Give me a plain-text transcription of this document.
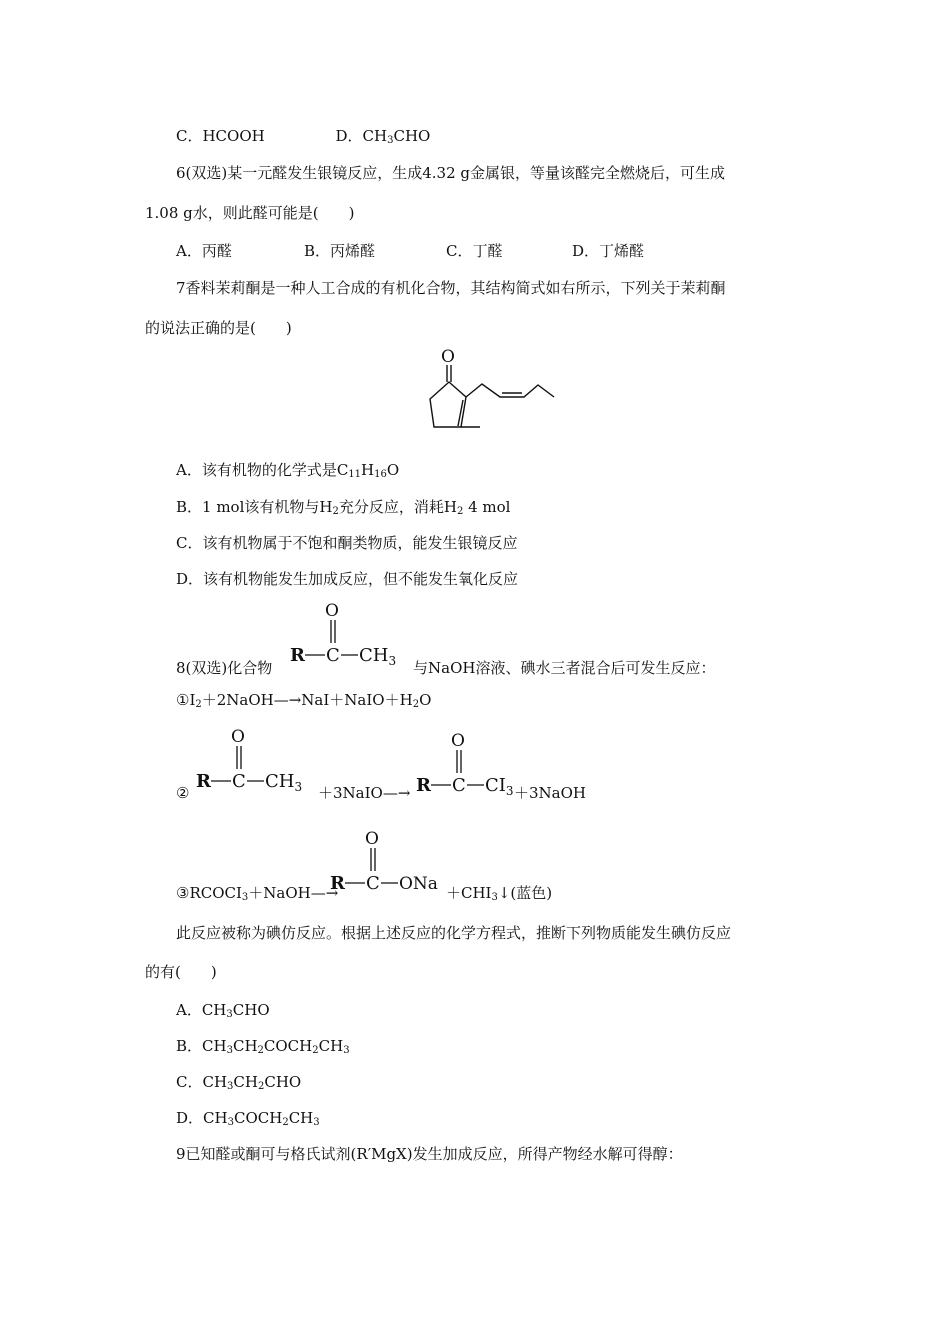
C．HCOOH	D．$CH_3CHO$
6(双选)某一元醛发生银镜反应，生成4.32 g金属银，等量该醛完全燃烧后，可生成
1.08 g水，则此醛可能是(　　)
A．丙醛	B．丙烯醛	C．丁醛	D．丁烯醛
7香料茉莉酮是一种人工合成的有机化合物，其结构简式如右所示，下列关于茉莉酮
的说法正确的是(　　)
O
A．该有机物的化学式是$C_{11}H_{16}O$
B．1 mol该有机物与$H_2$充分反应，消耗$H_2$ 4 mol
C．该有机物属于不饱和酮类物质，能发生银镜反应
D．该有机物能发生加成反应，但不能发生氧化反应
8(双选)化合物
O
R C $CH_3$ 与NaOH溶液、碘水三者混合后可发生反应：
$①I_2+2NaOH—\to NaI+NaIO+H_2O$
②
O
R C $CH_3$ ＋3NaIO—→
O
R C $CI_3$ ＋3NaOH
$③RCOCI_3+NaOH—\to$
O
R C ONa $+CHI_3↓$(蓝色)
此反应被称为碘仿反应。根据上述反应的化学方程式，推断下列物质能发生碘仿反应
的有(　　)
A．$CH_3CHO$
B．$CH_3CH_2COCH_2CH_3$
C．$CH_3CH_2CHO$
D．$CH_3COCH_2CH_3$
9已知醛或酮可与格氏试剂(R′MgX)发生加成反应，所得产物经水解可得醇：
